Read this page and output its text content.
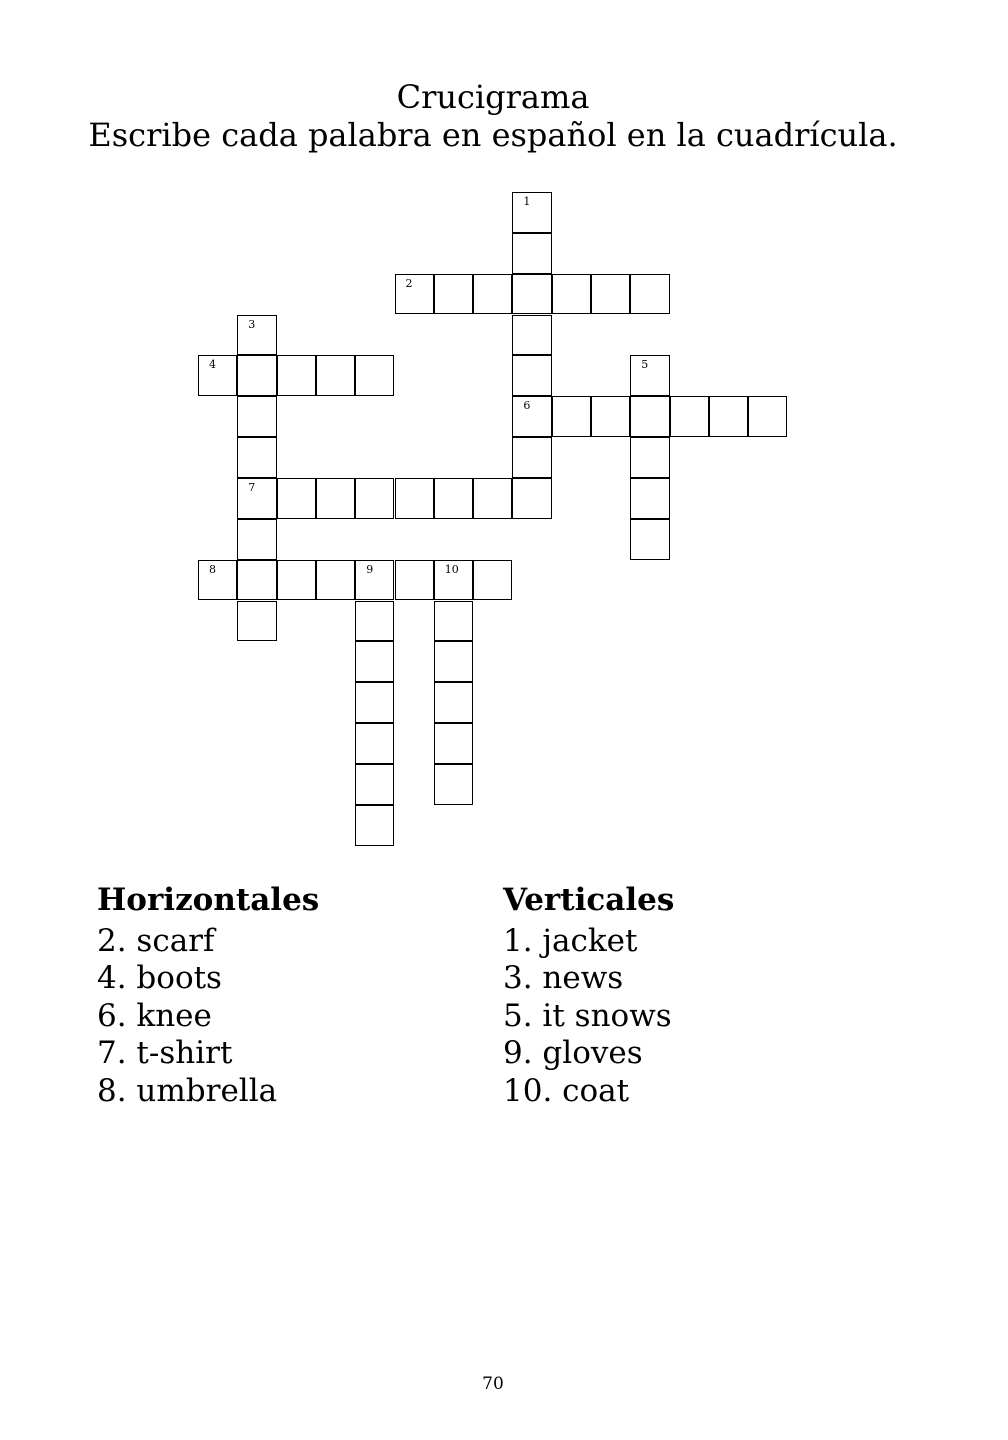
Crucigrama
Escribe cada palabra en español en la cuadrícula.
1
2
3
4	5
6
7
8	9	10
Horizontales
2. scarf
4. boots
6. knee
7. t-shirt
8. umbrella
Verticales
1. jacket
3. news
5. it snows
9. gloves
10. coat
70
